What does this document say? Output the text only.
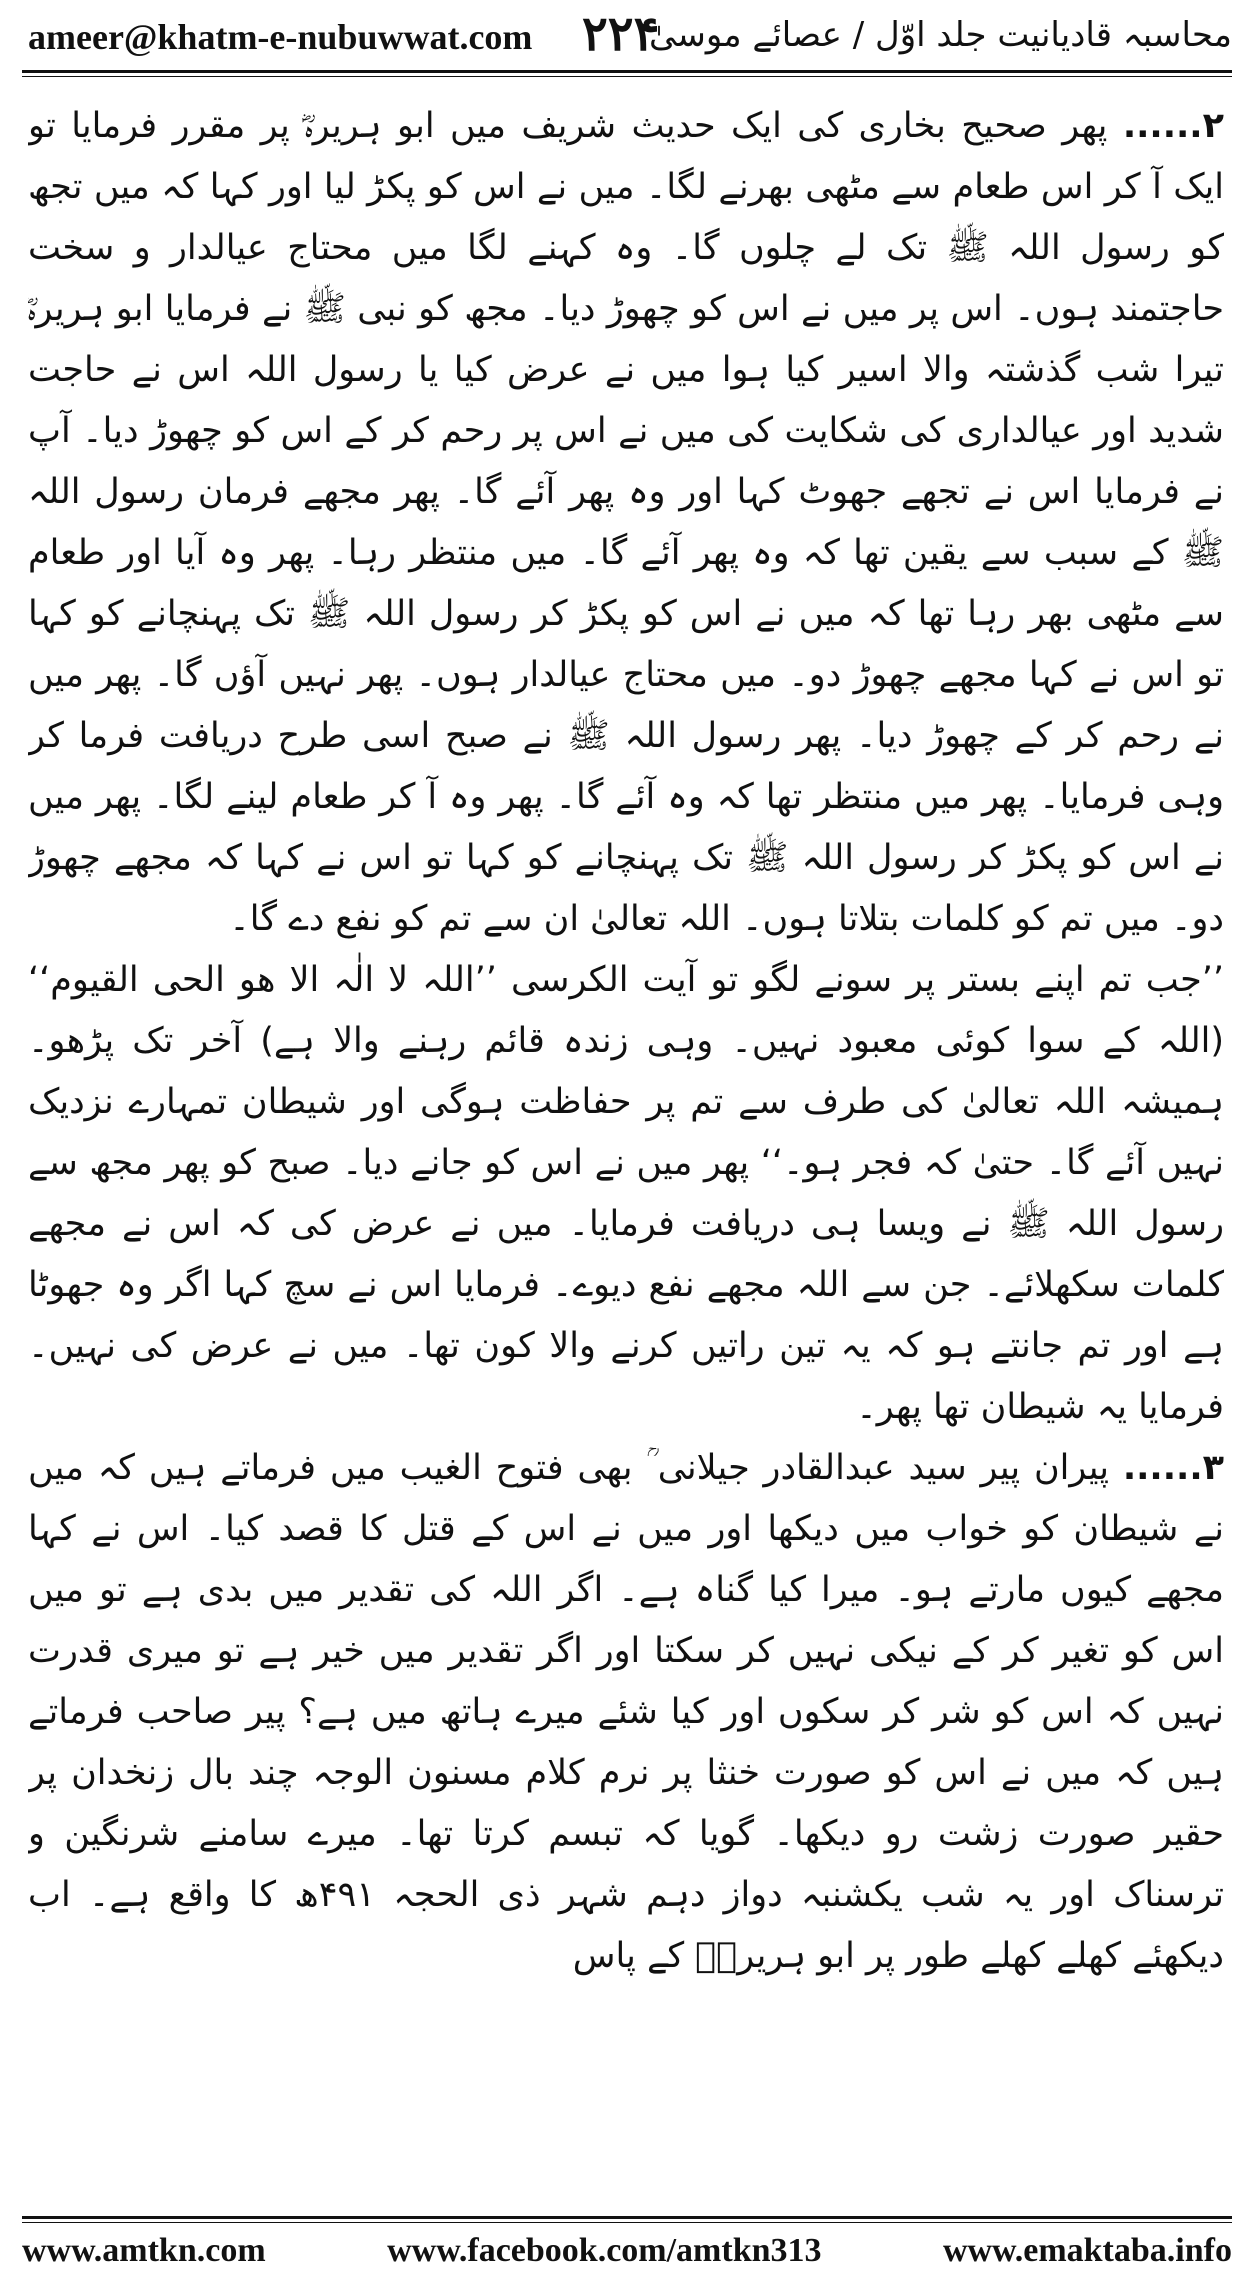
ameer@khatm-e-nubuwwat.com ۲۲۴
محاسبہ قادیانیت جلد اوّل / عصائے موسیٰ

۲...... پھر صحیح بخاری کی ایک حدیث شریف میں ابو ہریرہؓ پر مقرر فرمایا تو ایک آ کر اس طعام سے مٹھی بھرنے لگا۔ میں نے اس کو پکڑ لیا اور کہا کہ میں تجھ کو رسول اللہ ﷺ تک لے چلوں گا۔ وہ کہنے لگا میں محتاج عیالدار و سخت حاجتمند ہوں۔ اس پر میں نے اس کو چھوڑ دیا۔ مجھ کو نبی ﷺ نے فرمایا ابو ہریرہؓ تیرا شب گذشتہ والا اسیر کیا ہوا میں نے عرض کیا یا رسول اللہ اس نے حاجت شدید اور عیالداری کی شکایت کی میں نے اس پر رحم کر کے اس کو چھوڑ دیا۔ آپ نے فرمایا اس نے تجھے جھوٹ کہا اور وہ پھر آئے گا۔ پھر مجھے فرمان رسول اللہ ﷺ کے سبب سے یقین تھا کہ وہ پھر آئے گا۔ میں منتظر رہا۔ پھر وہ آیا اور طعام سے مٹھی بھر رہا تھا کہ میں نے اس کو پکڑ کر رسول اللہ ﷺ تک پہنچانے کو کہا تو اس نے کہا مجھے چھوڑ دو۔ میں محتاج عیالدار ہوں۔ پھر نہیں آؤں گا۔ پھر میں نے رحم کر کے چھوڑ دیا۔ پھر رسول اللہ ﷺ نے صبح اسی طرح دریافت فرما کر وہی فرمایا۔ پھر میں منتظر تھا کہ وہ آئے گا۔ پھر وہ آ کر طعام لینے لگا۔ پھر میں نے اس کو پکڑ کر رسول اللہ ﷺ تک پہنچانے کو کہا تو اس نے کہا کہ مجھے چھوڑ دو۔ میں تم کو کلمات بتلاتا ہوں۔ اللہ تعالیٰ ان سے تم کو نفع دے گا۔

’’جب تم اپنے بستر پر سونے لگو تو آیت الکرسی ’’اللہ لا الٰہ الا ھو الحی القیوم‘‘ (اللہ کے سوا کوئی معبود نہیں۔ وہی زندہ قائم رہنے والا ہے) آخر تک پڑھو۔ ہمیشہ اللہ تعالیٰ کی طرف سے تم پر حفاظت ہوگی اور شیطان تمہارے نزدیک نہیں آئے گا۔ حتیٰ کہ فجر ہو۔‘‘ پھر میں نے اس کو جانے دیا۔ صبح کو پھر مجھ سے رسول اللہ ﷺ نے ویسا ہی دریافت فرمایا۔ میں نے عرض کی کہ اس نے مجھے کلمات سکھلائے۔ جن سے اللہ مجھے نفع دیوے۔ فرمایا اس نے سچ کہا اگر وہ جھوٹا ہے اور تم جانتے ہو کہ یہ تین راتیں کرنے والا کون تھا۔ میں نے عرض کی نہیں۔ فرمایا یہ شیطان تھا پھر۔

۳...... پیران پیر سید عبدالقادر جیلانی ؒ بھی فتوح الغیب میں فرماتے ہیں کہ میں نے شیطان کو خواب میں دیکھا اور میں نے اس کے قتل کا قصد کیا۔ اس نے کہا مجھے کیوں مارتے ہو۔ میرا کیا گناہ ہے۔ اگر اللہ کی تقدیر میں بدی ہے تو میں اس کو تغیر کر کے نیکی نہیں کر سکتا اور اگر تقدیر میں خیر ہے تو میری قدرت نہیں کہ اس کو شر کر سکوں اور کیا شئے میرے ہاتھ میں ہے؟ پیر صاحب فرماتے ہیں کہ میں نے اس کو صورت خنثا پر نرم کلام مسنون الوجہ چند بال زنخدان پر حقیر صورت زشت رو دیکھا۔ گویا کہ تبسم کرتا تھا۔ میرے سامنے شرنگین و ترسناک اور یہ شب یکشنبہ دواز دہم شہر ذی الحجہ ۴۹۱ھ کا واقع ہے۔ اب دیکھئے کھلے کھلے طور پر ابو ہریرہؓ کے پاس

www.amtkn.com	www.facebook.com/amtkn313	www.emaktaba.info
